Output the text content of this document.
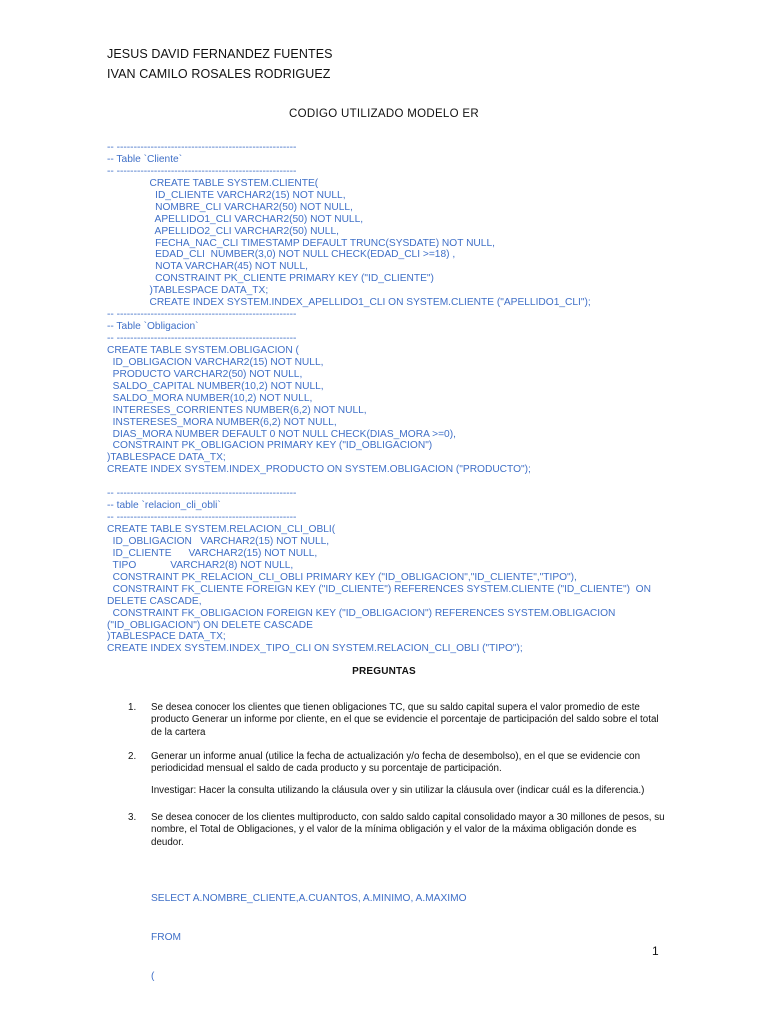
JESUS DAVID FERNANDEZ FUENTES
IVAN CAMILO ROSALES RODRIGUEZ
CODIGO UTILIZADO MODELO ER
-- -----------------------------------------------------
-- Table `Cliente`
-- -----------------------------------------------------
CREATE TABLE SYSTEM.CLIENTE(
ID_CLIENTE VARCHAR2(15) NOT NULL,
NOMBRE_CLI VARCHAR2(50) NOT NULL,
APELLIDO1_CLI VARCHAR2(50) NOT NULL,
APELLIDO2_CLI VARCHAR2(50) NULL,
FECHA_NAC_CLI TIMESTAMP DEFAULT TRUNC(SYSDATE) NOT NULL,
EDAD_CLI  NUMBER(3,0) NOT NULL CHECK(EDAD_CLI >=18) ,
NOTA VARCHAR(45) NOT NULL,
CONSTRAINT PK_CLIENTE PRIMARY KEY ("ID_CLIENTE")
)TABLESPACE DATA_TX;
CREATE INDEX SYSTEM.INDEX_APELLIDO1_CLI ON SYSTEM.CLIENTE ("APELLIDO1_CLI");
-- -----------------------------------------------------
-- Table `Obligacion`
-- -----------------------------------------------------
CREATE TABLE SYSTEM.OBLIGACION (
ID_OBLIGACION VARCHAR2(15) NOT NULL,
PRODUCTO VARCHAR2(50) NOT NULL,
SALDO_CAPITAL NUMBER(10,2) NOT NULL,
SALDO_MORA NUMBER(10,2) NOT NULL,
INTERESES_CORRIENTES NUMBER(6,2) NOT NULL,
INSTERESES_MORA NUMBER(6,2) NOT NULL,
DIAS_MORA NUMBER DEFAULT 0 NOT NULL CHECK(DIAS_MORA >=0),
CONSTRAINT PK_OBLIGACION PRIMARY KEY ("ID_OBLIGACION")
)TABLESPACE DATA_TX;
CREATE INDEX SYSTEM.INDEX_PRODUCTO ON SYSTEM.OBLIGACION ("PRODUCTO");
-- -----------------------------------------------------
-- table `relacion_cli_obli`
-- -----------------------------------------------------
CREATE TABLE SYSTEM.RELACION_CLI_OBLI(
ID_OBLIGACION   VARCHAR2(15) NOT NULL,
ID_CLIENTE      VARCHAR2(15) NOT NULL,
TIPO            VARCHAR2(8) NOT NULL,
CONSTRAINT PK_RELACION_CLI_OBLI PRIMARY KEY ("ID_OBLIGACION","ID_CLIENTE","TIPO"),
CONSTRAINT FK_CLIENTE FOREIGN KEY ("ID_CLIENTE") REFERENCES SYSTEM.CLIENTE ("ID_CLIENTE")  ON
DELETE CASCADE,
CONSTRAINT FK_OBLIGACION FOREIGN KEY ("ID_OBLIGACION") REFERENCES SYSTEM.OBLIGACION
("ID_OBLIGACION") ON DELETE CASCADE
)TABLESPACE DATA_TX;
CREATE INDEX SYSTEM.INDEX_TIPO_CLI ON SYSTEM.RELACION_CLI_OBLI ("TIPO");
PREGUNTAS
1.	Se desea conocer los clientes que tienen obligaciones TC, que su saldo capital supera el valor promedio de este producto Generar un informe por cliente, en el que se evidencie el porcentaje de participación del saldo sobre el total de la cartera
2.	Generar un informe anual (utilice la fecha de actualización y/o fecha de desembolso), en el que se evidencie con periodicidad mensual el saldo de cada producto y su porcentaje de participación.
Investigar: Hacer la consulta utilizando la cláusula over y sin utilizar la cláusula over (indicar cuál es la diferencia.)
3.	Se desea conocer de los clientes multiproducto, con saldo saldo capital consolidado mayor a 30 millones de pesos, su nombre, el Total de Obligaciones, y el valor de la mínima obligación y el valor de la máxima obligación donde es deudor.

SELECT A.NOMBRE_CLIENTE,A.CUANTOS, A.MINIMO, A.MAXIMO

FROM

(

1
